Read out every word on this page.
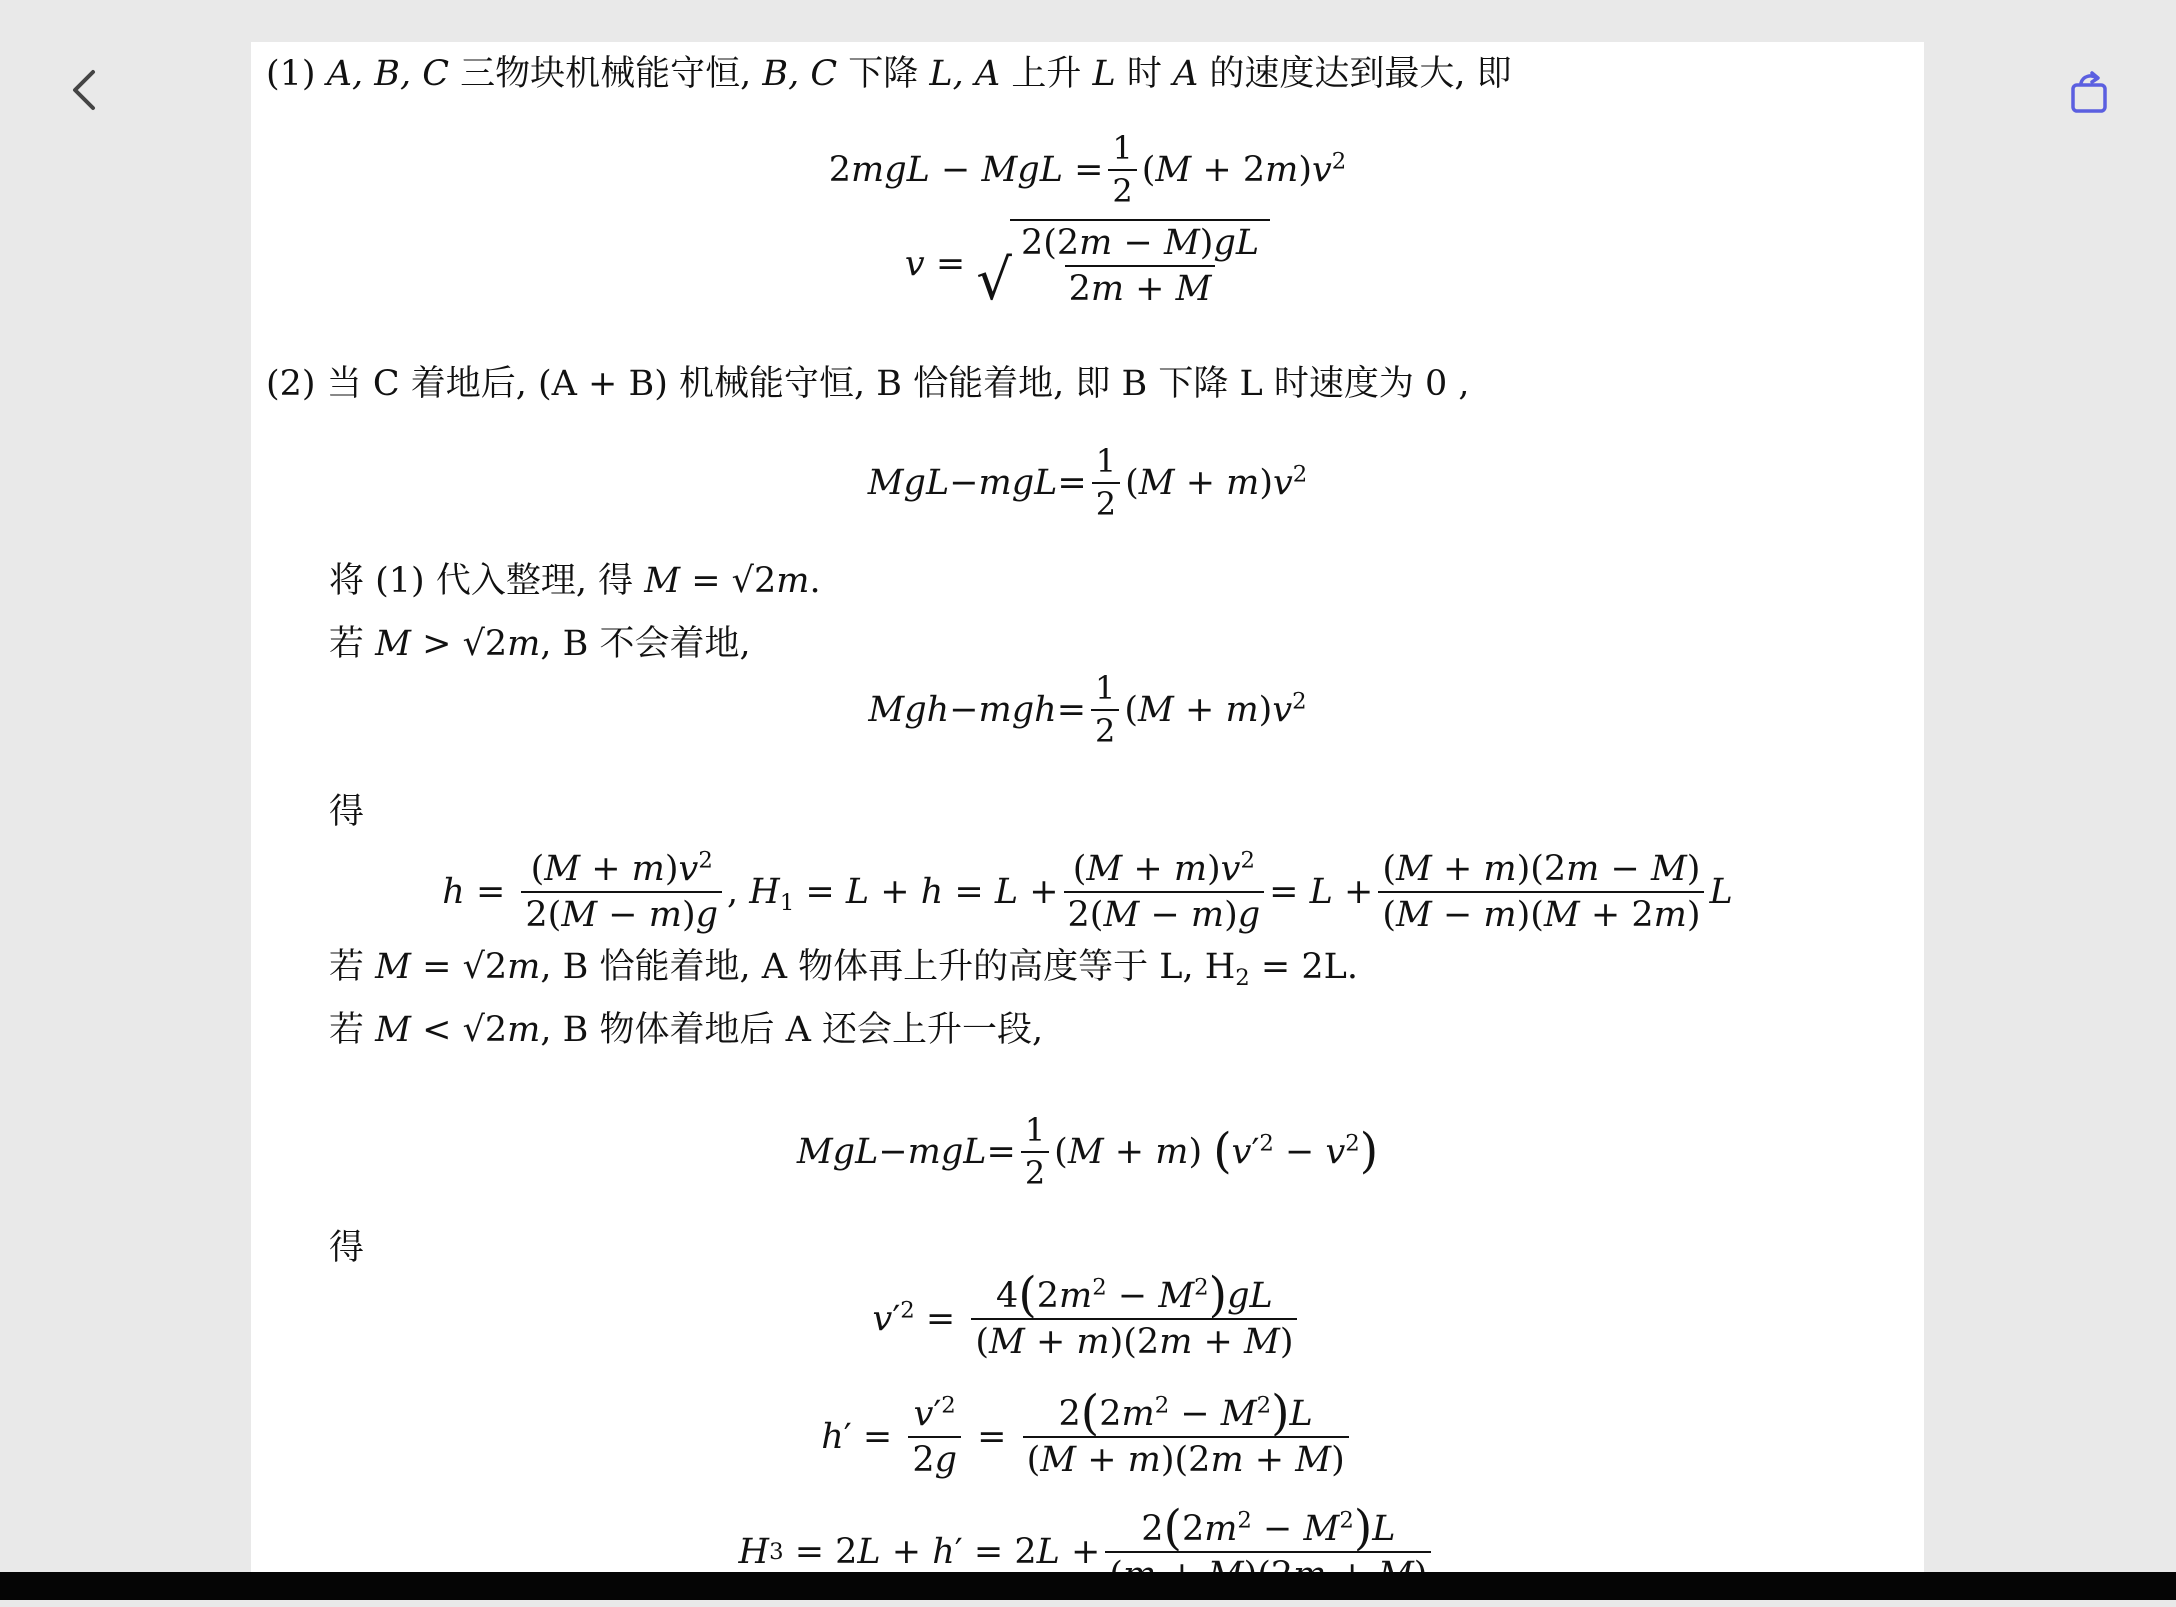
(1) A, B, C 三物块机械能守恒, B, C 下降 L, A 上升 L 时 A 的速度达到最大, 即
2mgL − MgL = $\frac{1}{2} (M + 2m)v^2$
v = √ $\frac{2(2m - M)gL}{2m + M}$
(2) 当 C 着地后, (A + B) 机械能守恒, B 恰能着地, 即 B 下降 L 时速度为 0 ,
MgL − mgL = $\frac{1}{2} (M + m)v^2$
将 (1) 代入整理, 得 M = √2m.
若 M > √2m, B 不会着地,
Mgh − mgh = $\frac{1}{2} (M + m)v^2$
得
$h = \frac{(M + m)v^2}{2(M - m)g}$ , $H_1 = L + h = L + \frac{(M + m)v^2}{2(M - m)g} = L + \frac{(M + m)(2m - M)}{(M - m)(M + 2m)}$ L
若 M = √2m, B 恰能着地, A 物体再上升的高度等于 L, $H_2 = 2L$.
若 M < √2m, B 物体着地后 A 还会上升一段,
MgL − mgL = $\frac{1}{2} (M + m) (v'^2 - v^2)$
得
v $'^2 = \frac{4(2m^2 - M^2)gL}{(M + m)(2m + M)}$
h ′ = $\frac{v'^2}{2g} = \frac{2(2m^2 - M^2)L}{(M + m)(2m + M)}$
H 3 = 2L + h′ = 2L +
$2(2m^2 - M^2)L$
